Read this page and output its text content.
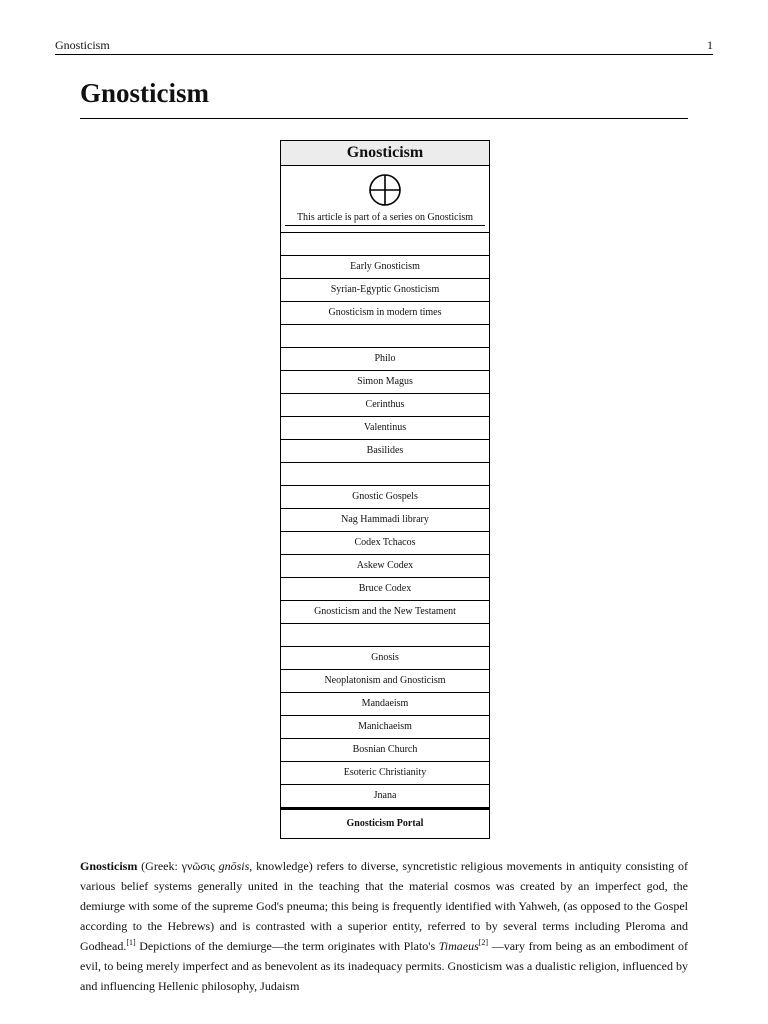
Gnosticism	1
Gnosticism
Gnosticism
This article is part of a series on Gnosticism
Early Gnosticism
Syrian-Egyptic Gnosticism
Gnosticism in modern times
Philo
Simon Magus
Cerinthus
Valentinus
Basilides
Gnostic Gospels
Nag Hammadi library
Codex Tchacos
Askew Codex
Bruce Codex
Gnosticism and the New Testament
Gnosis
Neoplatonism and Gnosticism
Mandaeism
Manichaeism
Bosnian Church
Esoteric Christianity
Jnana
Gnosticism Portal
Gnosticism (Greek: γνῶσις gnōsis, knowledge) refers to diverse, syncretistic religious movements in antiquity consisting of various belief systems generally united in the teaching that the material cosmos was created by an imperfect god, the demiurge with some of the supreme God's pneuma; this being is frequently identified with Yahweh, (as opposed to the Gospel according to the Hebrews) and is contrasted with a superior entity, referred to by several terms including Pleroma and Godhead.[1] Depictions of the demiurge—the term originates with Plato's Timaeus[2] —vary from being as an embodiment of evil, to being merely imperfect and as benevolent as its inadequacy permits. Gnosticism was a dualistic religion, influenced by and influencing Hellenic philosophy, Judaism
